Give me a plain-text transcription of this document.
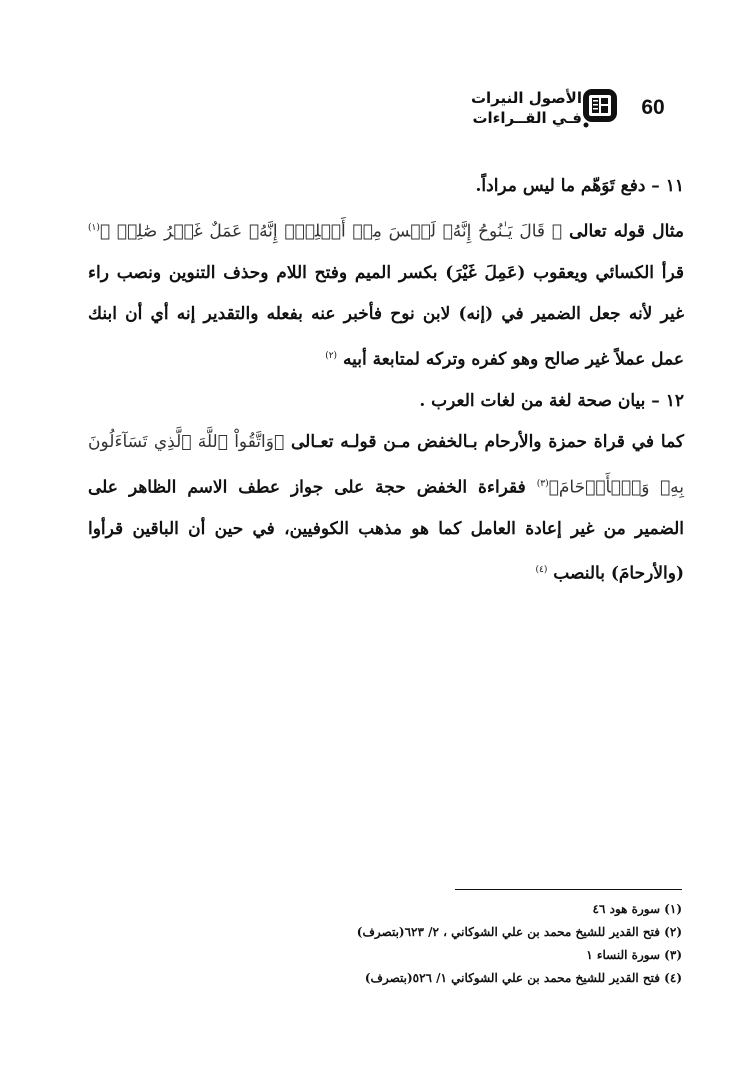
60
الأصول النيرات
فـي القــراءات

١١ – دفع تَوَهّم ما ليس مراداً.

مثال قوله تعالى ﴿ قَالَ يَـٰنُوحُ إِنَّهُۥ لَيۡسَ مِنۡ أَهۡلِكَۖ إِنَّهُۥ عَمَلٌ غَيۡرُ صَٰلِحٖ ﴾$^{(١)}$ قرأ الكسائي ويعقوب (عَمِلَ غَيْرَ) بكسر الميم وفتح اللام وحذف التنوين ونصب راء غير لأنه جعل الضمير في (إنه) لابن نوح فأخبر عنه بفعله والتقدير إنه أي أن ابنك عمل عملاً غير صالح وهو كفره وتركه لمتابعة أبيه $^{(٢)}$

١٢ – بيان صحة لغة من لغات العرب .

كما في قراة حمزة والأرحام بـالخفض مـن قولـه تعـالى ﴿وَاتَّقُواْ ٱللَّهَ ٱلَّذِي تَسَآءَلُونَ بِهِۦ وَٱلۡأَرۡحَامَ﴾$^{(٣)}$ فقراءة الخفض حجة على جواز عطف الاسم الظاهر على الضمير من غير إعادة العامل كما هو مذهب الكوفيين، في حين أن الباقين قرأوا (والأرحامَ) بالنصب $^{(٤)}$

(١) سورة هود ٤٦
(٢) فتح القدير للشيخ محمد بن علي الشوكاني ، ٢/ ٦٢٣(بتصرف)
(٣) سورة النساء ١
(٤) فتح القدير للشيخ محمد بن علي الشوكاني ١/ ٥٢٦(بتصرف)
